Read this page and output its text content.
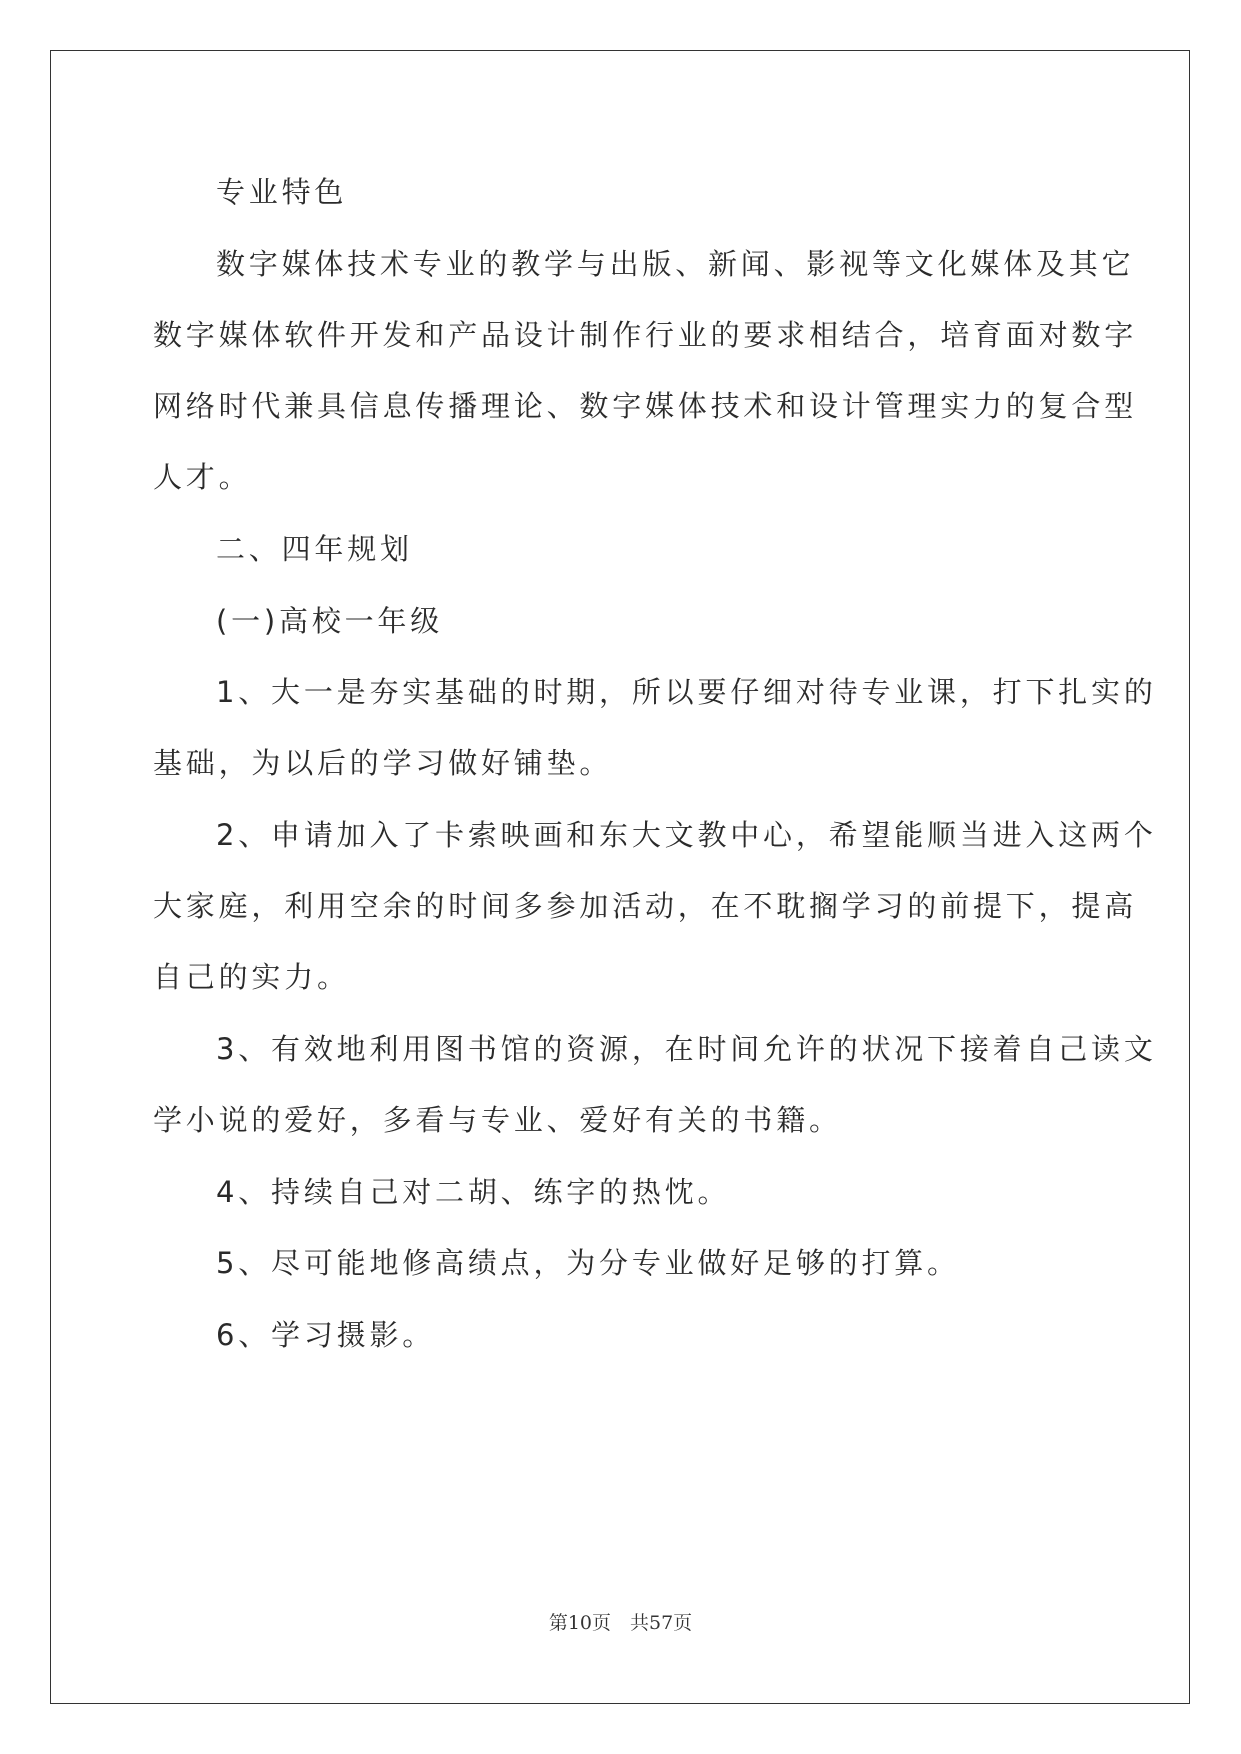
专业特色

数字媒体技术专业的教学与出版、新闻、影视等文化媒体及其它

数字媒体软件开发和产品设计制作行业的要求相结合，培育面对数字

网络时代兼具信息传播理论、数字媒体技术和设计管理实力的复合型

人才。

二、四年规划

(一)高校一年级

1、大一是夯实基础的时期，所以要仔细对待专业课，打下扎实的

基础，为以后的学习做好铺垫。

2、申请加入了卡索映画和东大文教中心，希望能顺当进入这两个

大家庭，利用空余的时间多参加活动，在不耽搁学习的前提下，提高

自己的实力。

3、有效地利用图书馆的资源，在时间允许的状况下接着自己读文

学小说的爱好，多看与专业、爱好有关的书籍。

4、持续自己对二胡、练字的热忱。

5、尽可能地修高绩点，为分专业做好足够的打算。

6、学习摄影。

第10页　共57页
